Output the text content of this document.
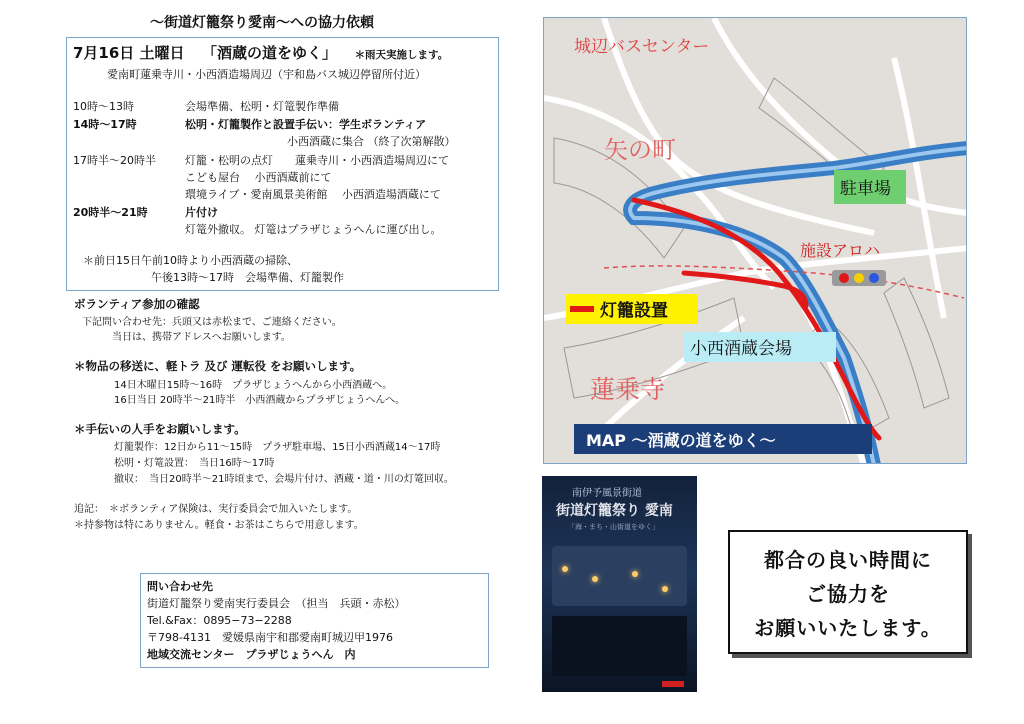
〜街道灯籠祭り愛南〜への協力依頼
7月16日 土曜日 「酒蔵の道をゆく」 ＊雨天実施します。
愛南町蓮乗寺川・小西酒造場周辺（宇和島バス城辺停留所付近）
10時〜13時	会場準備、松明・灯篭製作準備
14時〜17時	松明・灯籠製作と設置手伝い：学生ボランティア
小西酒蔵に集合 （終了次第解散）
17時半〜20時半	灯籠・松明の点灯　　蓮乗寺川・小西酒造場周辺にて
こども屋台　 小西酒蔵前にて
環境ライブ・愛南風景美術館　 小西酒造場酒蔵にて
20時半〜21時	片付け
灯篭外撤収。 灯篭はプラザじょうへんに運び出し。
＊前日15日午前10時より小西酒蔵の掃除、
午後13時〜17時　会場準備、灯籠製作
ボランティア参加の確認
下記問い合わせ先：兵頭又は赤松まで、ご連絡ください。
当日は、携帯アドレスへお願いします。
＊物品の移送に、軽トラ 及び 運転役 をお願いします。
14日木曜日15時〜16時　プラザじょうへんから小西酒蔵へ。
16日当日 20時半〜21時半　小西酒蔵からプラザじょうへんへ。
＊手伝いの人手をお願いします。
灯籠製作：12日から11〜15時　プラザ駐車場、15日小西酒蔵14〜17時
松明・灯篭設置：　当日16時〜17時
撤収：　当日20時半〜21時頃まで、会場片付け、酒蔵・道・川の灯篭回収。
追記：　＊ボランティア保険は、実行委員会で加入いたします。
＊持参物は特にありません。軽食・お茶はこちらで用意します。
問い合わせ先
街道灯籠祭り愛南実行委員会　（担当　兵頭・赤松）
Tel.&Fax：0895−73−2288
〒798-4131　愛媛県南宇和郡愛南町城辺甲1976
地域交流センター　プラザじょうへん　内
城辺バスセンター
矢の町
駐車場
施設アロハ
灯籠設置
小西酒蔵会場
蓮乗寺
MAP 〜酒蔵の道をゆく〜
南伊予風景街道
街道灯籠祭り 愛南
「海・まち・山街道をゆく」
都合の良い時間に
ご協力を
お願いいたします。
